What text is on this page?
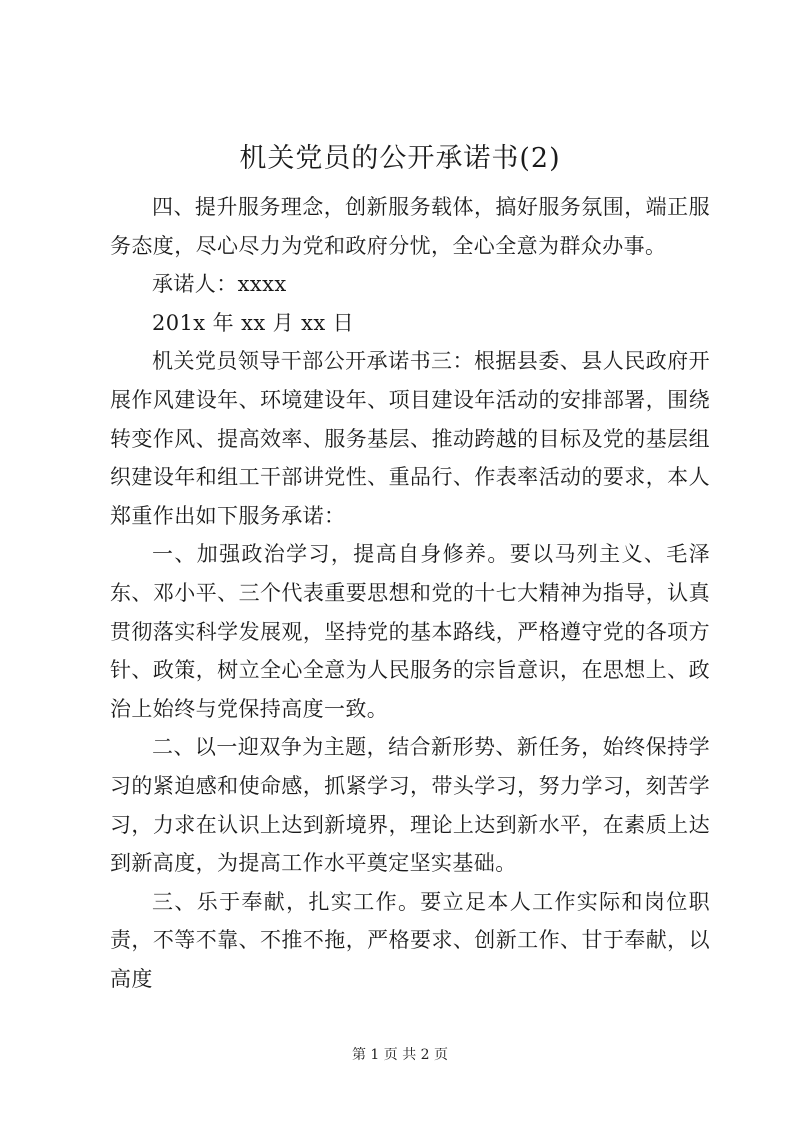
机关党员的公开承诺书(2)

四、提升服务理念，创新服务载体，搞好服务氛围，端正服务态度，尽心尽力为党和政府分忧，全心全意为群众办事。

承诺人：xxxx

201x 年 xx 月 xx 日

机关党员领导干部公开承诺书三：根据县委、县人民政府开展作风建设年、环境建设年、项目建设年活动的安排部署，围绕转变作风、提高效率、服务基层、推动跨越的目标及党的基层组织建设年和组工干部讲党性、重品行、作表率活动的要求，本人郑重作出如下服务承诺：

一、加强政治学习，提高自身修养。要以马列主义、毛泽东、邓小平、三个代表重要思想和党的十七大精神为指导，认真贯彻落实科学发展观，坚持党的基本路线，严格遵守党的各项方针、政策，树立全心全意为人民服务的宗旨意识，在思想上、政治上始终与党保持高度一致。

二、以一迎双争为主题，结合新形势、新任务，始终保持学习的紧迫感和使命感，抓紧学习，带头学习，努力学习，刻苦学习，力求在认识上达到新境界，理论上达到新水平，在素质上达到新高度，为提高工作水平奠定坚实基础。

三、乐于奉献，扎实工作。要立足本人工作实际和岗位职责，不等不靠、不推不拖，严格要求、创新工作、甘于奉献，以高度

第 1 页 共 2 页
